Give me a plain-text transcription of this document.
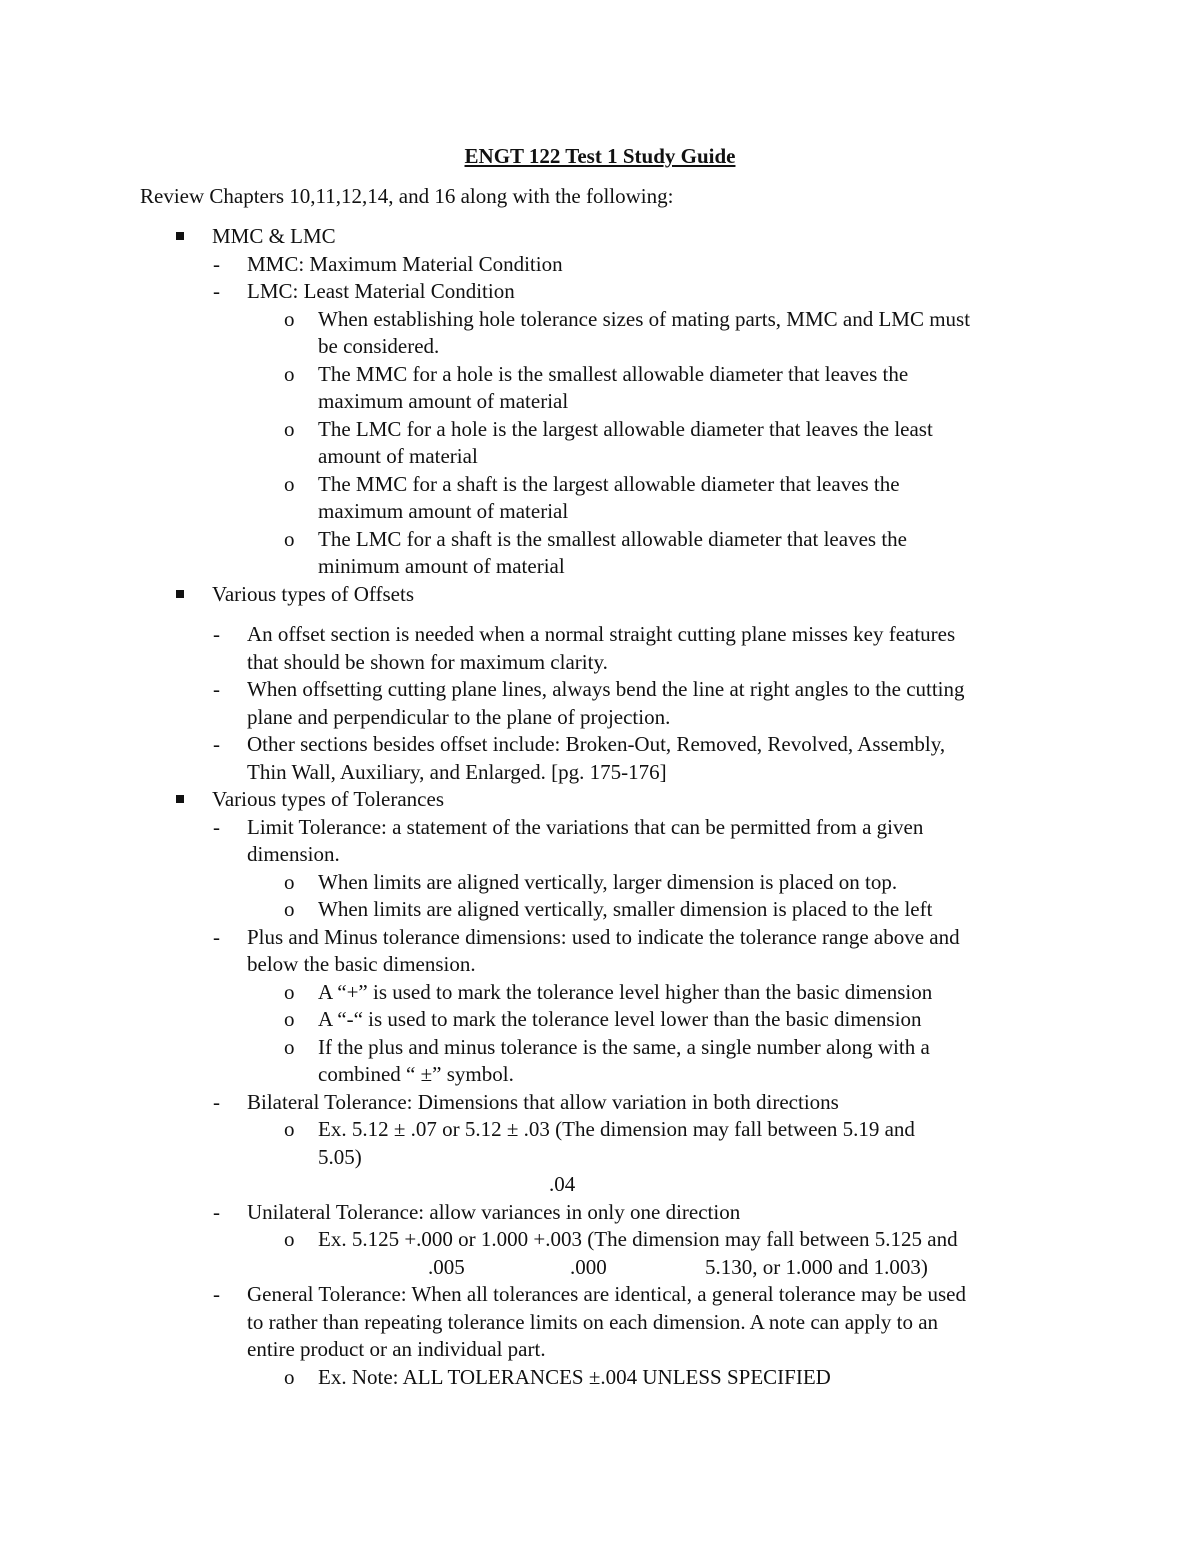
ENGT 122 Test 1 Study Guide
Review Chapters 10,11,12,14, and 16 along with the following:
MMC & LMC
- MMC: Maximum Material Condition
- LMC: Least Material Condition
o When establishing hole tolerance sizes of mating parts, MMC and LMC must
be considered.
o The MMC for a hole is the smallest allowable diameter that leaves the
maximum amount of material
o The LMC for a hole is the largest allowable diameter that leaves the least
amount of material
o The MMC for a shaft is the largest allowable diameter that leaves the
maximum amount of material
o The LMC for a shaft is the smallest allowable diameter that leaves the
minimum amount of material
Various types of Offsets
- An offset section is needed when a normal straight cutting plane misses key features
that should be shown for maximum clarity.
- When offsetting cutting plane lines, always bend the line at right angles to the cutting
plane and perpendicular to the plane of projection.
- Other sections besides offset include: Broken-Out, Removed, Revolved, Assembly,
Thin Wall, Auxiliary, and Enlarged. [pg. 175-176]
Various types of Tolerances
- Limit Tolerance: a statement of the variations that can be permitted from a given
dimension.
o When limits are aligned vertically, larger dimension is placed on top.
o When limits are aligned vertically, smaller dimension is placed to the left
- Plus and Minus tolerance dimensions: used to indicate the tolerance range above and
below the basic dimension.
o A “+” is used to mark the tolerance level higher than the basic dimension
o A “-“ is used to mark the tolerance level lower than the basic dimension
o If the plus and minus tolerance is the same, a single number along with a
combined “ ±” symbol.
- Bilateral Tolerance: Dimensions that allow variation in both directions
o Ex. 5.12 ± .07 or 5.12 ± .03 (The dimension may fall between 5.19 and
5.05)
.04
- Unilateral Tolerance: allow variances in only one direction
o Ex. 5.125 +.000 or 1.000 +.003 (The dimension may fall between 5.125 and
.005	.000	5.130, or 1.000 and 1.003)
- General Tolerance: When all tolerances are identical, a general tolerance may be used
to rather than repeating tolerance limits on each dimension. A note can apply to an
entire product or an individual part.
o Ex. Note: ALL TOLERANCES ±.004 UNLESS SPECIFIED
